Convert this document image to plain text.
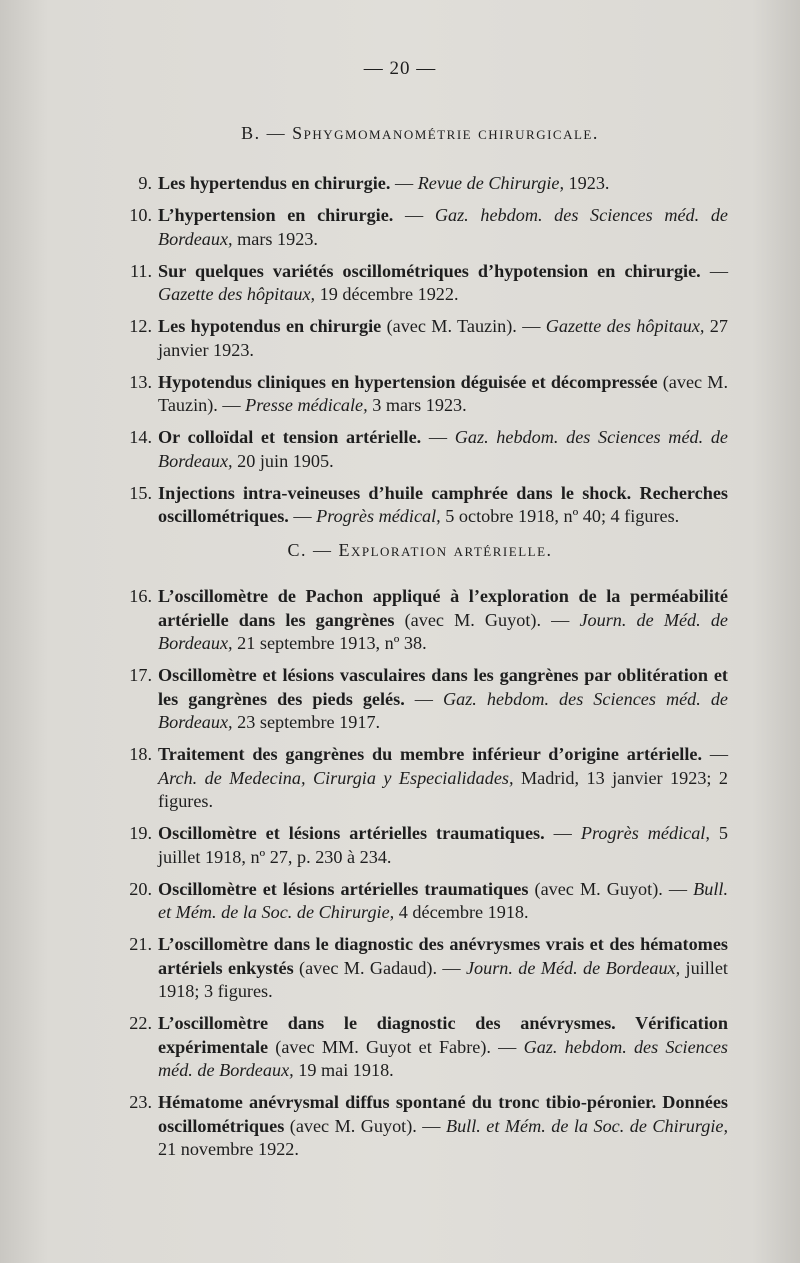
— 20 —
B. — Sphygmomanométrie chirurgicale.
9. Les hypertendus en chirurgie. — Revue de Chirurgie, 1923.
10. L’hypertension en chirurgie. — Gaz. hebdom. des Sciences méd. de Bordeaux, mars 1923.
11. Sur quelques variétés oscillométriques d’hypotension en chirurgie. — Gazette des hôpitaux, 19 décembre 1922.
12. Les hypotendus en chirurgie (avec M. Tauzin). — Gazette des hôpitaux, 27 janvier 1923.
13. Hypotendus cliniques en hypertension déguisée et décompressée (avec M. Tauzin). — Presse médicale, 3 mars 1923.
14. Or colloïdal et tension artérielle. — Gaz. hebdom. des Sciences méd. de Bordeaux, 20 juin 1905.
15. Injections intra-veineuses d’huile camphrée dans le shock. Recherches oscillométriques. — Progrès médical, 5 octobre 1918, nº 40; 4 figures.
C. — Exploration artérielle.
16. L’oscillomètre de Pachon appliqué à l’exploration de la perméabilité artérielle dans les gangrènes (avec M. Guyot). — Journ. de Méd. de Bordeaux, 21 septembre 1913, nº 38.
17. Oscillomètre et lésions vasculaires dans les gangrènes par oblitération et les gangrènes des pieds gelés. — Gaz. hebdom. des Sciences méd. de Bordeaux, 23 septembre 1917.
18. Traitement des gangrènes du membre inférieur d’origine artérielle. — Arch. de Medecina, Cirurgia y Especialidades, Madrid, 13 janvier 1923; 2 figures.
19. Oscillomètre et lésions artérielles traumatiques. — Progrès médical, 5 juillet 1918, nº 27, p. 230 à 234.
20. Oscillomètre et lésions artérielles traumatiques (avec M. Guyot). — Bull. et Mém. de la Soc. de Chirurgie, 4 décembre 1918.
21. L’oscillomètre dans le diagnostic des anévrysmes vrais et des hématomes artériels enkystés (avec M. Gadaud). — Journ. de Méd. de Bordeaux, juillet 1918; 3 figures.
22. L’oscillomètre dans le diagnostic des anévrysmes. Vérification expérimentale (avec MM. Guyot et Fabre). — Gaz. hebdom. des Sciences méd. de Bordeaux, 19 mai 1918.
23. Hématome anévrysmal diffus spontané du tronc tibio-péronier. Données oscillométriques (avec M. Guyot). — Bull. et Mém. de la Soc. de Chirurgie, 21 novembre 1922.
